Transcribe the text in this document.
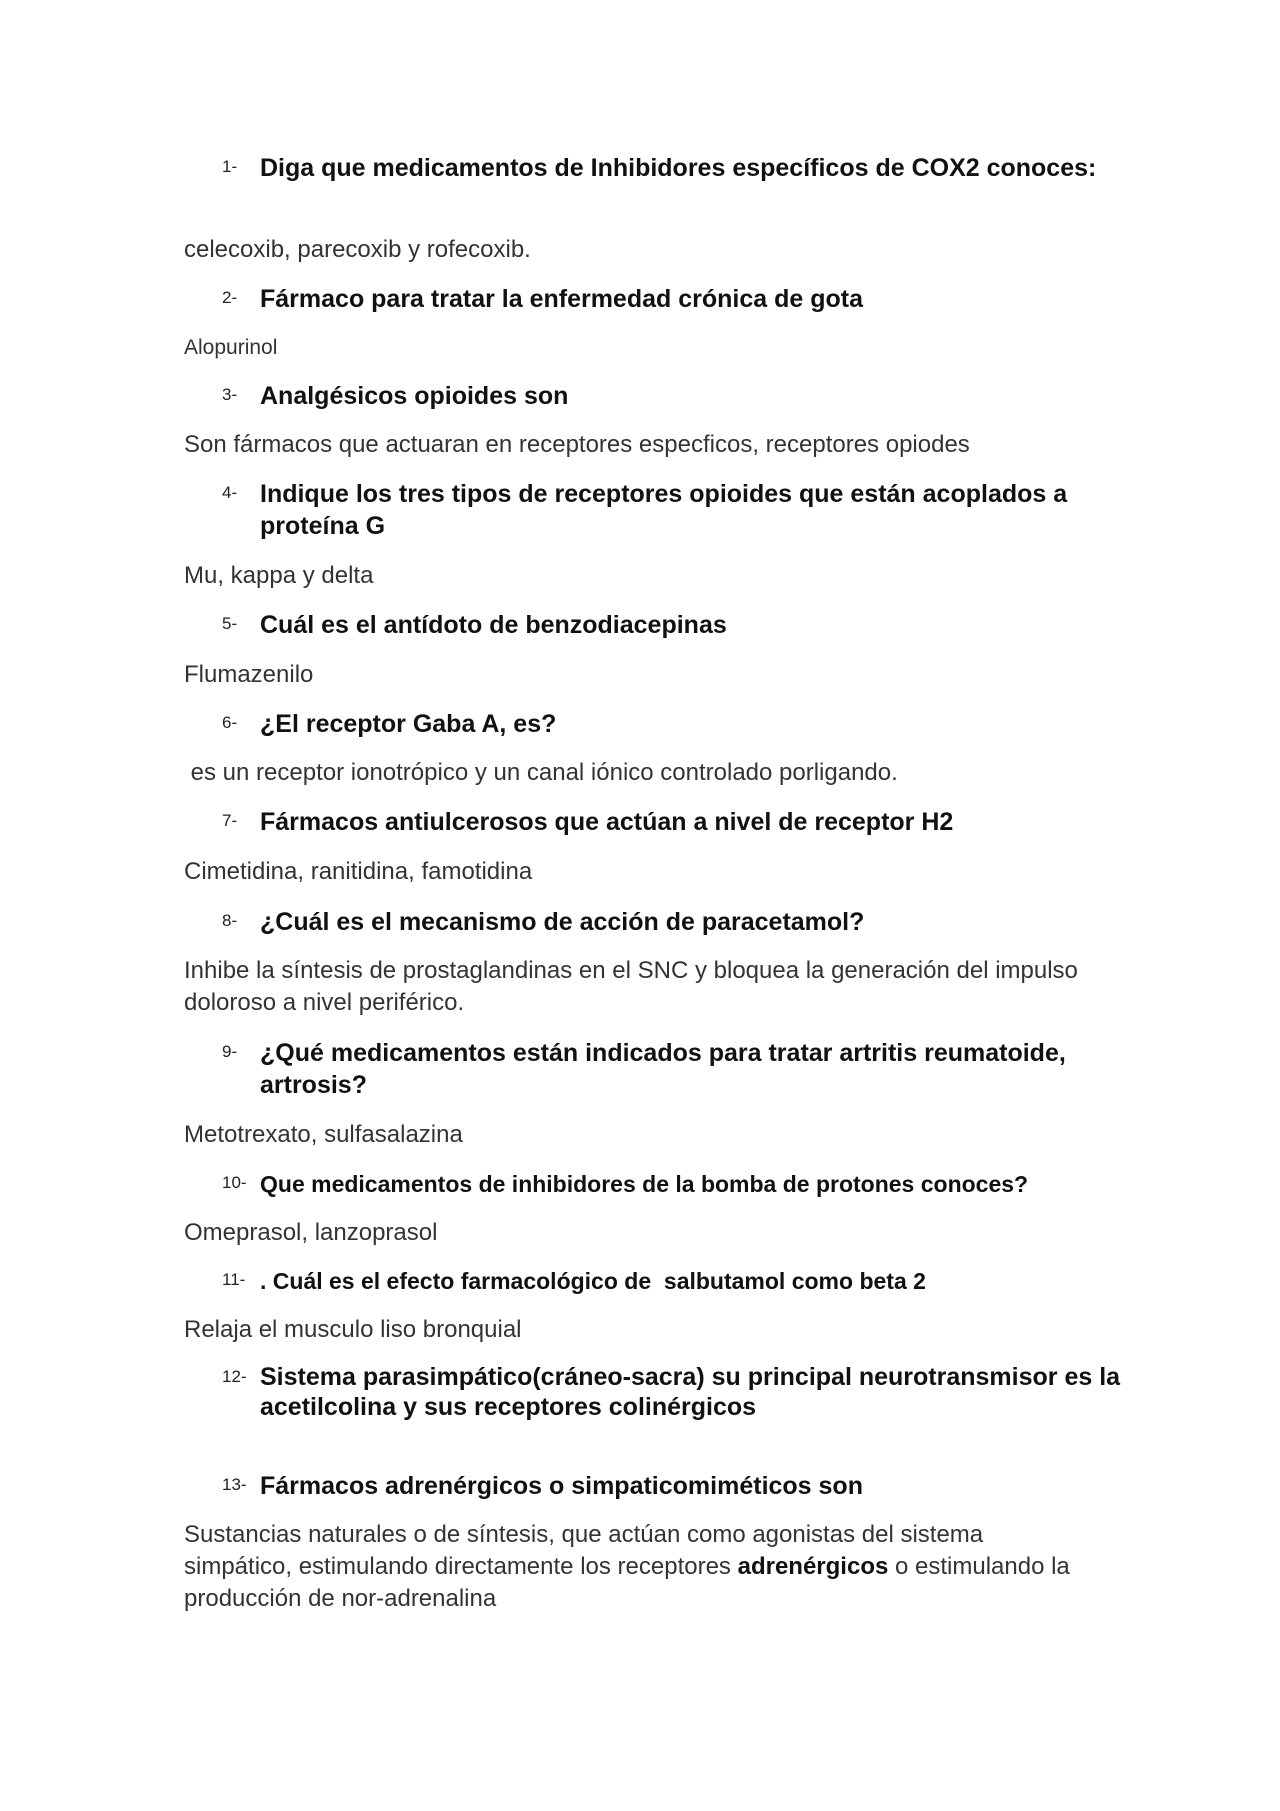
1- Diga que medicamentos de Inhibidores específicos de COX2 conoces:
celecoxib, parecoxib y rofecoxib.
2- Fármaco para tratar la enfermedad crónica de gota
Alopurinol
3- Analgésicos opioides son
Son fármacos que actuaran en receptores especficos, receptores opiodes
4- Indique los tres tipos de receptores opioides que están acoplados a proteína G
Mu, kappa y delta
5- Cuál es el antídoto de benzodiacepinas
Flumazenilo
6- ¿El receptor Gaba A, es?
es un receptor ionotrópico y un canal iónico controlado porligando.
7- Fármacos antiulcerosos que actúan a nivel de receptor H2
Cimetidina, ranitidina, famotidina
8- ¿Cuál es el mecanismo de acción de paracetamol?
Inhibe la síntesis de prostaglandinas en el SNC y bloquea la generación del impulso doloroso a nivel periférico.
9- ¿Qué medicamentos están indicados para tratar artritis reumatoide, artrosis?
Metotrexato, sulfasalazina
10- Que medicamentos de inhibidores de la bomba de protones conoces?
Omeprasol, lanzoprasol
11- . Cuál es el efecto farmacológico de  salbutamol como beta 2
Relaja el musculo liso bronquial
12- Sistema parasimpático(cráneo-sacra) su principal neurotransmisor es la acetilcolina y sus receptores colinérgicos
13- Fármacos adrenérgicos o simpaticomiméticos son
Sustancias naturales o de síntesis, que actúan como agonistas del sistema simpático, estimulando directamente los receptores adrenérgicos o estimulando la producción de nor-adrenalina
